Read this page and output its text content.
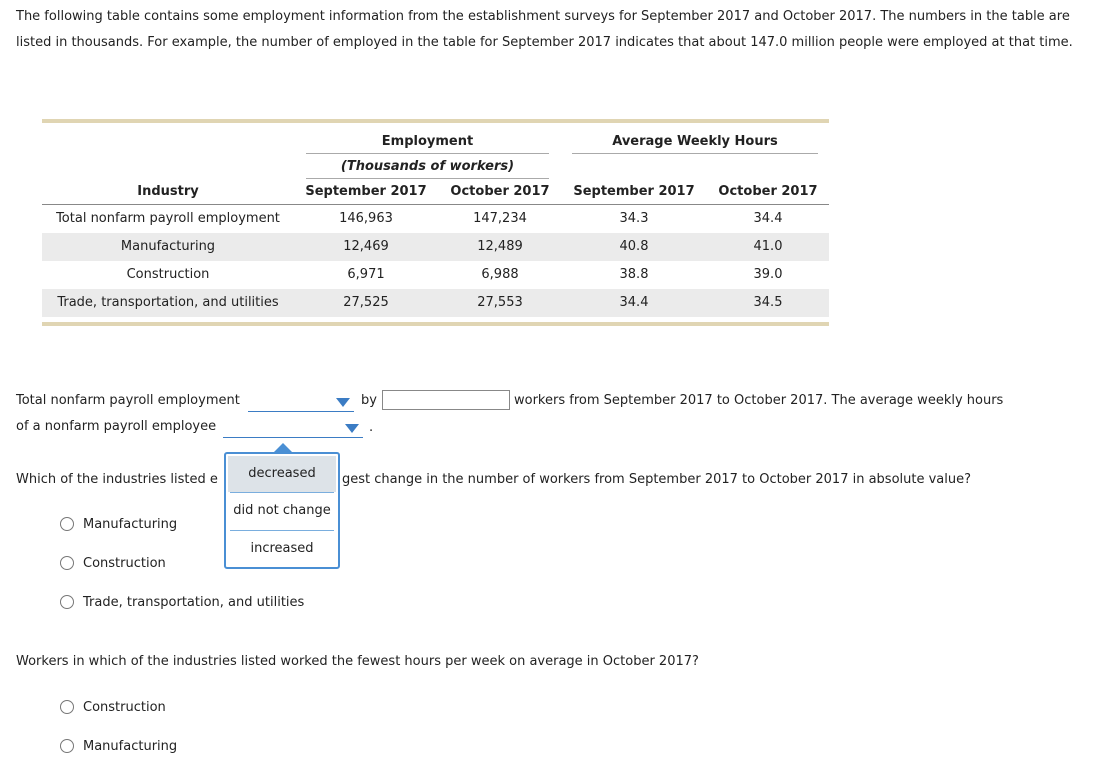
The following table contains some employment information from the establishment surveys for September 2017 and October 2017. The numbers in the table are listed in thousands. For example, the number of employed in the table for September 2017 indicates that about 147.0 million people were employed at that time.

Employment
(Thousands of workers)
Average Weekly Hours
Industry	September 2017	October 2017	September 2017	October 2017
Total nonfarm payroll employment	146,963	147,234	34.3	34.4
Manufacturing	12,469	12,489	40.8	41.0
Construction	6,971	6,988	38.8	39.0
Trade, transportation, and utilities	27,525	27,553	34.4	34.5
Total nonfarm payroll employment	by	workers from September 2017 to October 2017. The average weekly hours
of a nonfarm payroll employee	.
Which of the industries listed e	gest change in the number of workers from September 2017 to October 2017 in absolute value?
Manufacturing
Construction
Trade, transportation, and utilities
decreased
did not change
increased
Workers in which of the industries listed worked the fewest hours per week on average in October 2017?
Construction
Manufacturing
